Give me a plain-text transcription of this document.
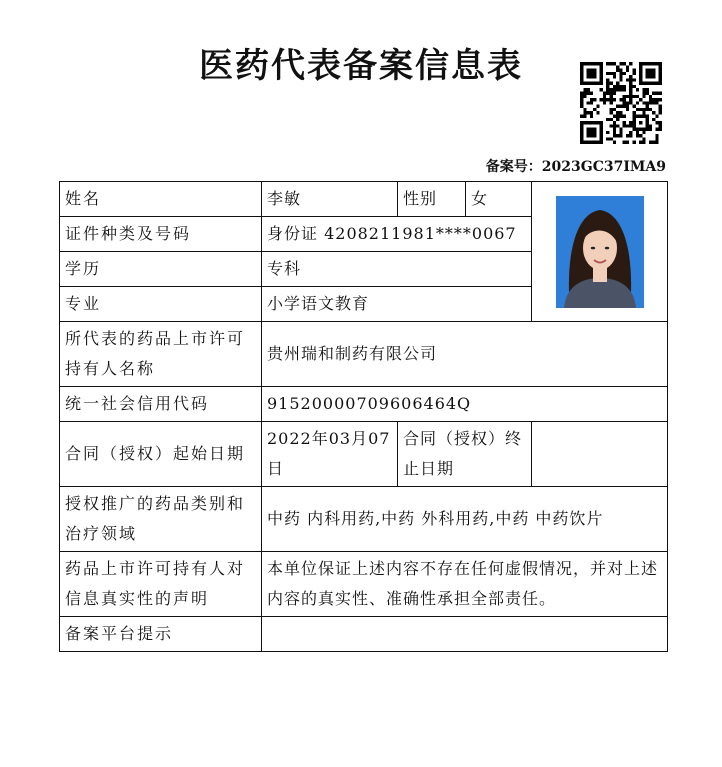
医药代表备案信息表
备案号：2023GC37IMA9
姓名	李敏	性别	女	

证件种类及号码	身份证 4208211981****0067			
学历	专科			
专业	小学语文教育			
所代表的药品上市许可持有人名称	贵州瑞和制药有限公司			
统一社会信用代码	91520000709606464Q			
合同（授权）起始日期	2022年03月07日	合同（授权）终止日期		
授权推广的药品类别和治疗领域	中药 内科用药,中药 外科用药,中药 中药饮片			
药品上市许可持有人对信息真实性的声明	本单位保证上述内容不存在任何虚假情况，并对上述内容的真实性、准确性承担全部责任。			
备案平台提示				
